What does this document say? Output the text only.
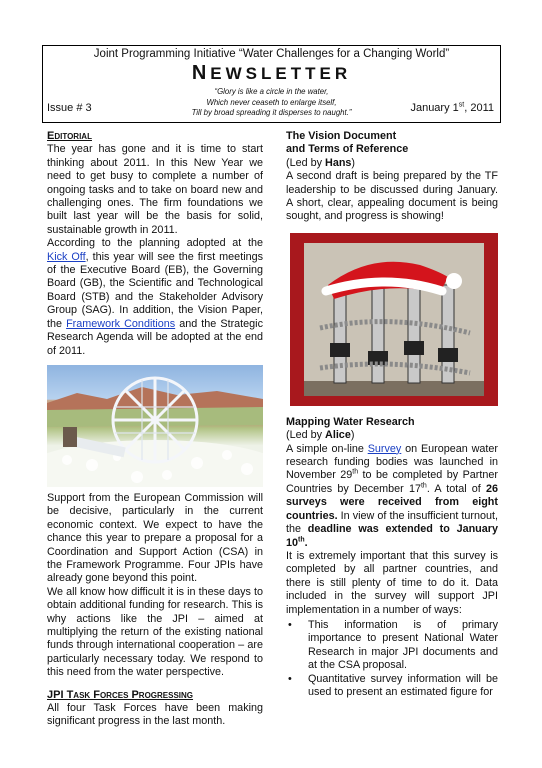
Joint Programming Initiative “Water Challenges for a Changing World”
NEWSLETTER
“Glory is like a circle in the water,
Which never ceaseth to enlarge itself,
Till by broad spreading it disperses to naught.”
Issue # 3	January 1st, 2011
Editorial

The year has gone and it is time to start thinking about 2011. In this New Year we need to get busy to complete a number of ongoing tasks and to take on board new and challenging ones. The firm foundations we built last year will be the basis for solid, sustainable growth in 2011.

According to the planning adopted at the Kick Off, this year will see the first meetings of the Executive Board (EB), the Governing Board (GB), the Scientific and Technological Board (STB) and the Stakeholder Advisory Group (SAG). In addition, the Vision Paper, the Framework Conditions and the Strategic Research Agenda will be adopted at the end of 2011.

Support from the European Commission will be decisive, particularly in the current economic context. We expect to have the chance this year to prepare a proposal for a Coordination and Support Action (CSA) in the Framework Programme. Four JPIs have already gone beyond this point.

We all know how difficult it is in these days to obtain additional funding for research. This is why actions like the JPI – aimed at multiplying the return of the existing national funds through international cooperation – are particularly necessary today. We respond to this need from the water perspective.

JPI Task Forces Progressing

All four Task Forces have been making significant progress in the last month.

The Vision Document
and Terms of Reference
(Led by Hans)

A second draft is being prepared by the TF leadership to be discussed during January. A short, clear, appealing document is being sought, and progress is showing!

Mapping Water Research
(Led by Alice)

A simple on-line Survey on European water research funding bodies was launched in November 29th to be completed by Partner Countries by December 17th. A total of 26 surveys were received from eight countries. In view of the insufficient turnout, the deadline was extended to January 10th.

It is extremely important that this survey is completed by all partner countries, and there is still plenty of time to do it. Data included in the survey will support JPI implementation in a number of ways:

• This information is of primary importance to present National Water Research in major JPI documents and at the CSA proposal.
• Quantitative survey information will be used to present an estimated figure for
